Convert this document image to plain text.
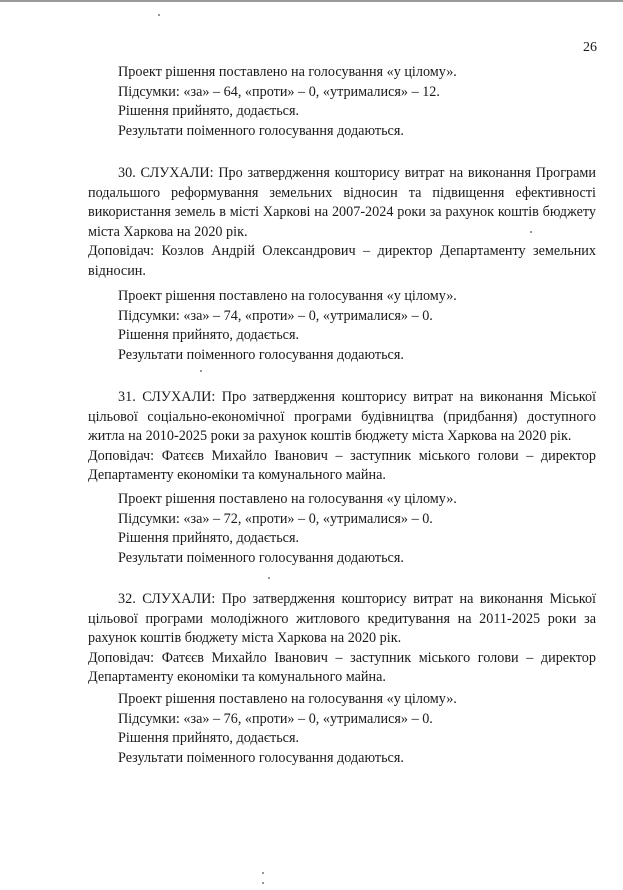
26
Проект рішення поставлено на голосування «у цілому».
Підсумки: «за» – 64, «проти» – 0, «утрималися» – 12.
Рішення прийнято, додається.
Результати поіменного голосування додаються.

30. СЛУХАЛИ: Про затвердження кошторису витрат на виконання Програми подальшого реформування земельних відносин та підвищення ефективності використання земель в місті Харкові на 2007-2024 роки за рахунок коштів бюджету міста Харкова на 2020 рік.

Доповідач: Козлов Андрій Олександрович – директор Департаменту земельних відносин.

Проект рішення поставлено на голосування «у цілому».
Підсумки: «за» – 74, «проти» – 0, «утрималися» – 0.
Рішення прийнято, додається.
Результати поіменного голосування додаються.

31. СЛУХАЛИ: Про затвердження кошторису витрат на виконання Міської цільової соціально-економічної програми будівництва (придбання) доступного житла на 2010-2025 роки за рахунок коштів бюджету міста Харкова на 2020 рік.

Доповідач: Фатєєв Михайло Іванович – заступник міського голови – директор Департаменту економіки та комунального майна.

Проект рішення поставлено на голосування «у цілому».
Підсумки: «за» – 72, «проти» – 0, «утрималися» – 0.
Рішення прийнято, додається.
Результати поіменного голосування додаються.

32. СЛУХАЛИ: Про затвердження кошторису витрат на виконання Міської цільової програми молодіжного житлового кредитування на 2011-2025 роки за рахунок коштів бюджету міста Харкова на 2020 рік.

Доповідач: Фатєєв Михайло Іванович – заступник міського голови – директор Департаменту економіки та комунального майна.

Проект рішення поставлено на голосування «у цілому».
Підсумки: «за» – 76, «проти» – 0, «утрималися» – 0.
Рішення прийнято, додається.
Результати поіменного голосування додаються.
